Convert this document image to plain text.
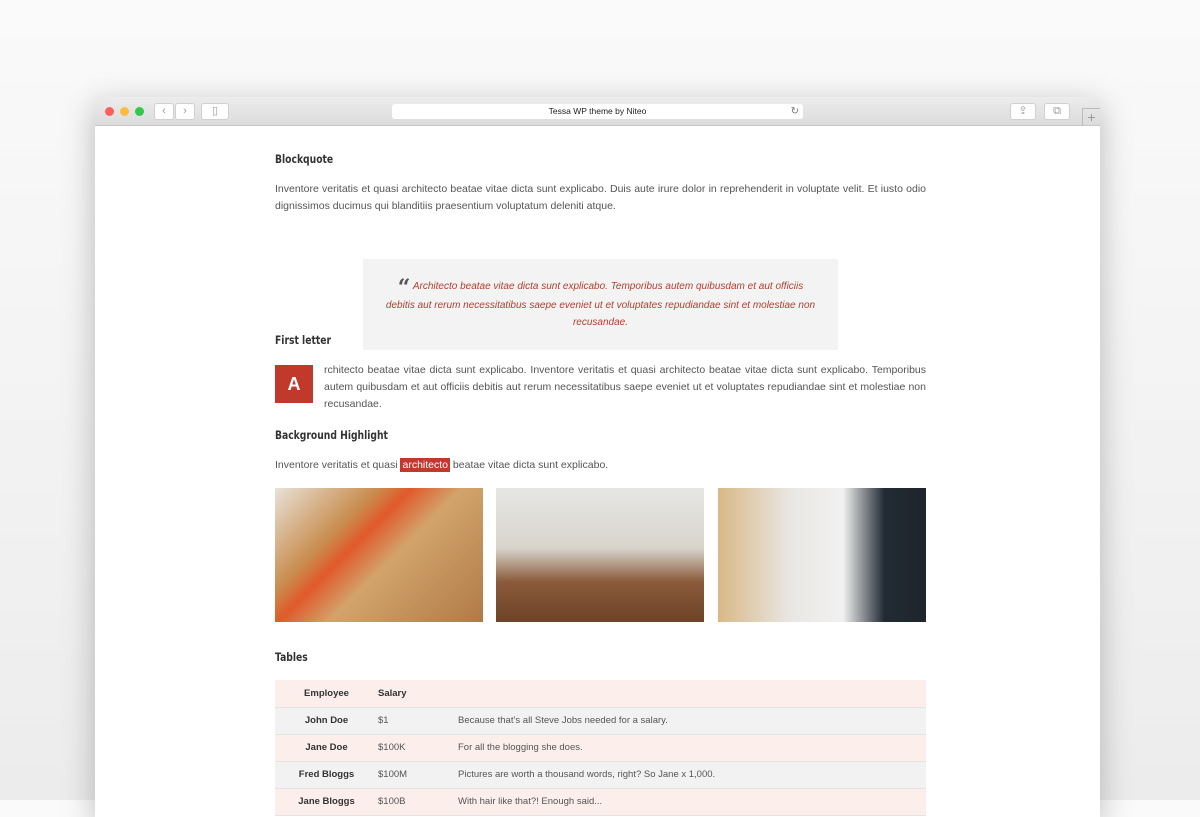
‹	›	▯	Tessa WP theme by Niteo	↻	⇪	⧉	+
Blockquote

Inventore veritatis et quasi architecto beatae vitae dicta sunt explicabo. Duis aute irure dolor in reprehenderit in voluptate velit. Et iusto odio dignissimos ducimus qui blanditiis praesentium voluptatum deleniti atque.

“ Architecto beatae vitae dicta sunt explicabo. Temporibus autem quibusdam et aut officiis debitis aut rerum necessitatibus saepe eveniet ut et voluptates repudiandae sint et molestiae non recusandae.
First letter
A

rchitecto beatae vitae dicta sunt explicabo. Inventore veritatis et quasi architecto beatae vitae dicta sunt explicabo. Temporibus autem quibusdam et aut officiis debitis aut rerum necessitatibus saepe eveniet ut et voluptates repudiandae sint et molestiae non recusandae.

Background Highlight

Inventore veritatis et quasi architecto beatae vitae dicta sunt explicabo.

Tables
Employee	Salary	
John Doe	$1	Because that’s all Steve Jobs needed for a salary.
Jane Doe	$100K	For all the blogging she does.
Fred Bloggs	$100M	Pictures are worth a thousand words, right? So Jane x 1,000.
Jane Bloggs	$100B	With hair like that?! Enough said...
